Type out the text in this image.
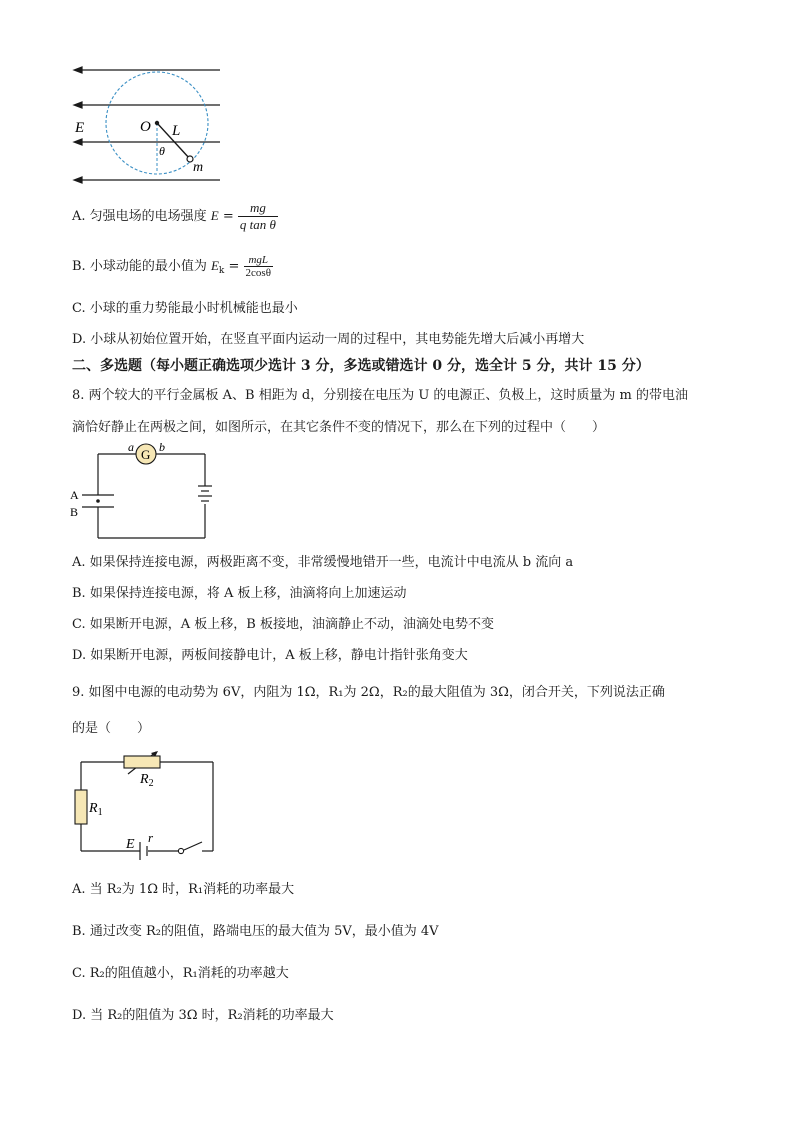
E	O L
θ
m
A. 匀强电场的电场强度 $E = \frac{mg}{\text{q tan θ}}$
B. 小球动能的最小值为 $E_k = \frac{\text{mgL}}{2\cos\theta}$
C. 小球的重力势能最小时机械能也最小
D. 小球从初始位置开始，在竖直平面内运动一周的过程中，其电势能先增大后减小再增大
二、多选题（每小题正确选项少选计 3 分，多选或错选计 0 分，选全计 5 分，共计 15 分）
8. 两个较大的平行金属板 A、B 相距为 d，分别接在电压为 U 的电源正、负极上，这时质量为 m 的带电油
滴恰好静止在两极之间，如图所示，在其它条件不变的情况下，那么在下列的过程中（　　）
G
a b
A
B
A. 如果保持连接电源，两极距离不变，非常缓慢地错开一些，电流计中电流从 b 流向 a
B. 如果保持连接电源，将 A 板上移，油滴将向上加速运动
C. 如果断开电源，A 板上移，B 板接地，油滴静止不动，油滴处电势不变
D. 如果断开电源，两板间接静电计，A 板上移，静电计指针张角变大
9. 如图中电源的电动势为 6V，内阻为 1Ω，R₁为 2Ω，R₂的最大阻值为 3Ω，闭合开关，下列说法正确
的是（　　）
$R_2$
$R_1$
E r
A. 当 R₂为 1Ω 时，R₁消耗的功率最大
B. 通过改变 R₂的阻值，路端电压的最大值为 5V，最小值为 4V
C. R₂的阻值越小，R₁消耗的功率越大
D. 当 R₂的阻值为 3Ω 时，R₂消耗的功率最大
